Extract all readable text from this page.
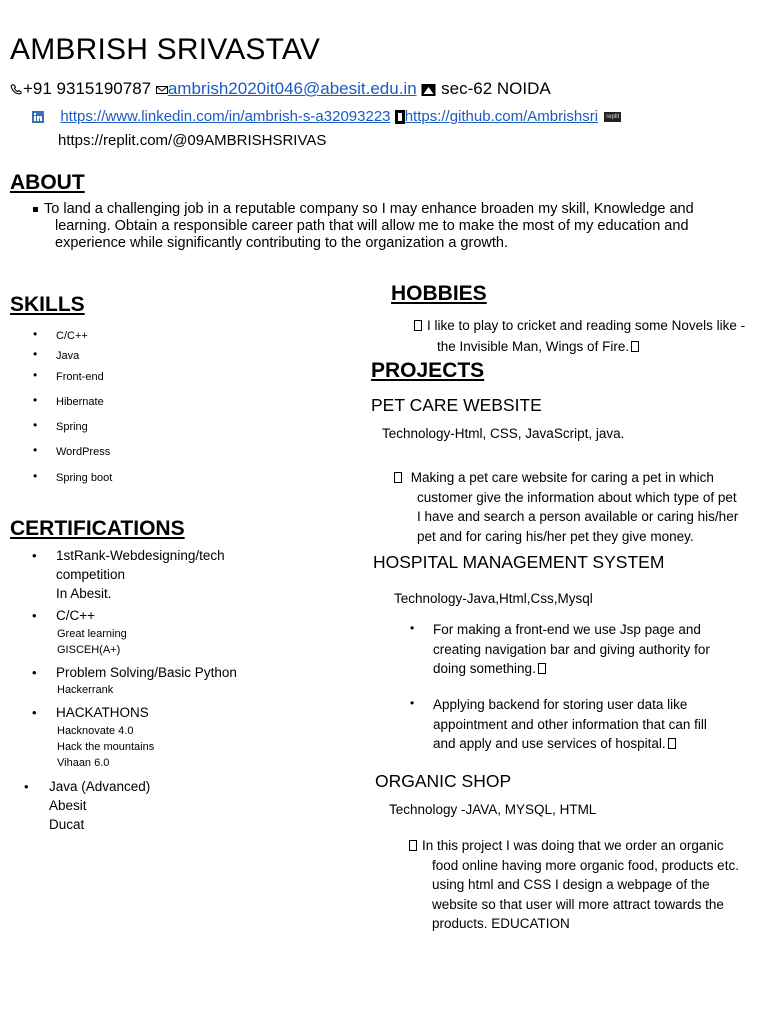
AMBRISH SRIVASTAV
+91 9315190787 ambrish2020it046@abesit.edu.in sec-62 NOIDA
https://www.linkedin.com/in/ambrish-s-a32093223 https://github.com/Ambrishsri replit
https://replit.com/@09AMBRISHSRIVAS
ABOUT
To land a challenging job in a reputable company so I may enhance broaden my skill, Knowledge and
learning. Obtain a responsible career path that will allow me to make the most of my education and
experience while significantly contributing to the organization a growth.
SKILLS
• C/C++
• Java
• Front-end
• Hibernate
• Spring
• WordPress
• Spring boot
CERTIFICATIONS
• 1stRank-Webdesigning/tech
competition
In Abesit.
• C/C++
Great learning
GISCEH(A+)
• Problem Solving/Basic Python
Hackerrank
• HACKATHONS
Hacknovate 4.0
Hack the mountains
Vihaan 6.0
• Java (Advanced)
Abesit
Ducat
HOBBIES
I like to play to cricket and reading some Novels like -
the Invisible Man, Wings of Fire.
PROJECTS
PET CARE WEBSITE
Technology-Html, CSS, JavaScript, java.
Making a pet care website for caring a pet in which
customer give the information about which type of pet
I have and search a person available or caring his/her
pet and for caring his/her pet they give money.
HOSPITAL MANAGEMENT SYSTEM
Technology-Java,Html,Css,Mysql
• For making a front-end we use Jsp page and
creating navigation bar and giving authority for
doing something.
• Applying backend for storing user data like
appointment and other information that can fill
and apply and use services of hospital.
ORGANIC SHOP
Technology -JAVA, MYSQL, HTML
In this project I was doing that we order an organic
food online having more organic food, products etc.
using html and CSS I design a webpage of the
website so that user will more attract towards the
products. EDUCATION
